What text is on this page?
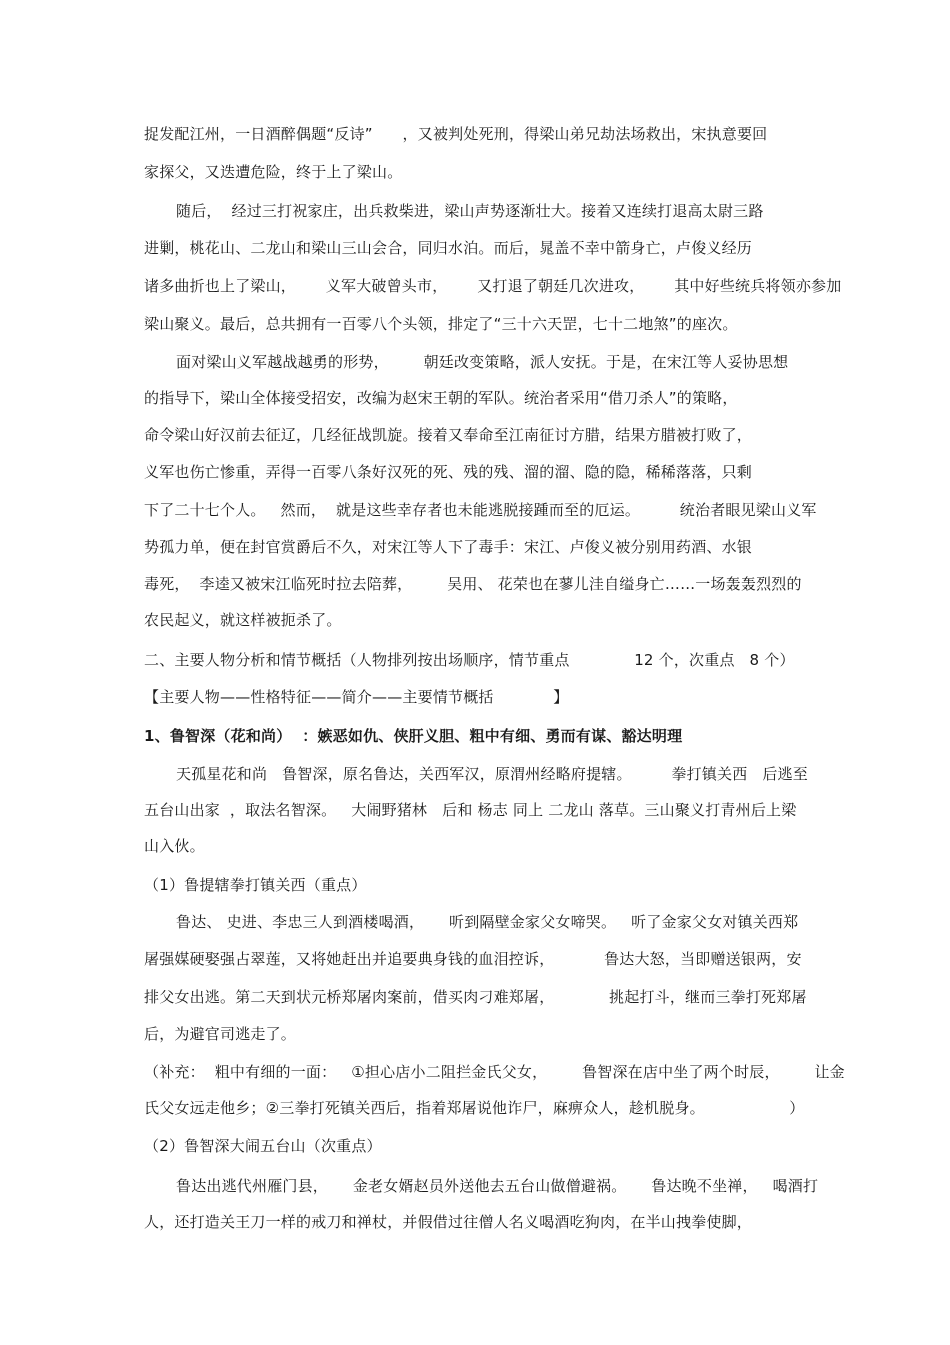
捉发配江州，一日酒醉偶题“反诗”      ，又被判处死刑，得梁山弟兄劫法场救出，宋执意要回
家探父，又迭遭危险，终于上了梁山。
随后，  经过三打祝家庄，出兵救柴进，梁山声势逐渐壮大。接着又连续打退高太尉三路
进剿，桃花山、二龙山和梁山三山会合，同归水泊。而后，晁盖不幸中箭身亡，卢俊义经历
诸多曲折也上了梁山，      义军大破曾头市，      又打退了朝廷几次进攻，      其中好些统兵将领亦参加
梁山聚义。最后，总共拥有一百零八个头领，排定了“三十六天罡，七十二地煞”的座次。
面对梁山义军越战越勇的形势，       朝廷改变策略，派人安抚。于是，在宋江等人妥协思想
的指导下，梁山全体接受招安，改编为赵宋王朝的军队。统治者采用“借刀杀人”的策略，
命令梁山好汉前去征辽，几经征战凯旋。接着又奉命至江南征讨方腊，结果方腊被打败了，
义军也伤亡惨重，弄得一百零八条好汉死的死、残的残、溜的溜、隐的隐，稀稀落落，只剩
下了二十七个人。   然而，  就是这些幸存者也未能逃脱接踵而至的厄运。        统治者眼见梁山义军
势孤力单，便在封官赏爵后不久，对宋江等人下了毒手：宋江、卢俊义被分别用药酒、水银
毒死，  李逵又被宋江临死时拉去陪葬，       吴用、 花荣也在蓼儿洼自缢身亡……一场轰轰烈烈的
农民起义，就这样被扼杀了。
二、主要人物分析和情节概括（人物排列按出场顺序，情节重点             12 个，次重点   8 个）
【主要人物——性格特征——简介——主要情节概括            】
1、鲁智深（花和尚）  ：嫉恶如仇、侠肝义胆、粗中有细、勇而有谋、豁达明理
天孤星花和尚   鲁智深，原名鲁达，关西军汉，原渭州经略府提辖。        拳打镇关西   后逃至
五台山出家  ，取法名智深。   大闹野猪林   后和 杨志 同上 二龙山 落草。三山聚义打青州后上梁
山入伙。
（1）鲁提辖拳打镇关西（重点）
鲁达、 史进、李忠三人到酒楼喝酒，     听到隔壁金家父女啼哭。   听了金家父女对镇关西郑
屠强媒硬娶强占翠莲，又将她赶出并追要典身钱的血泪控诉，          鲁达大怒，当即赠送银两，安
排父女出逃。第二天到状元桥郑屠肉案前，借买肉刁难郑屠，           挑起打斗，继而三拳打死郑屠
后，为避官司逃走了。
（补充：  粗中有细的一面：   ①担心店小二阻拦金氏父女，       鲁智深在店中坐了两个时辰，       让金
氏父女远走他乡；②三拳打死镇关西后，指着郑屠说他诈尸，麻痹众人，趁机脱身。                 ）
（2）鲁智深大闹五台山（次重点）
鲁达出逃代州雁门县，     金老女婿赵员外送他去五台山做僧避祸。     鲁达晚不坐禅，   喝酒打
人，还打造关王刀一样的戒刀和禅杖，并假借过往僧人名义喝酒吃狗肉，在半山拽拳使脚，
